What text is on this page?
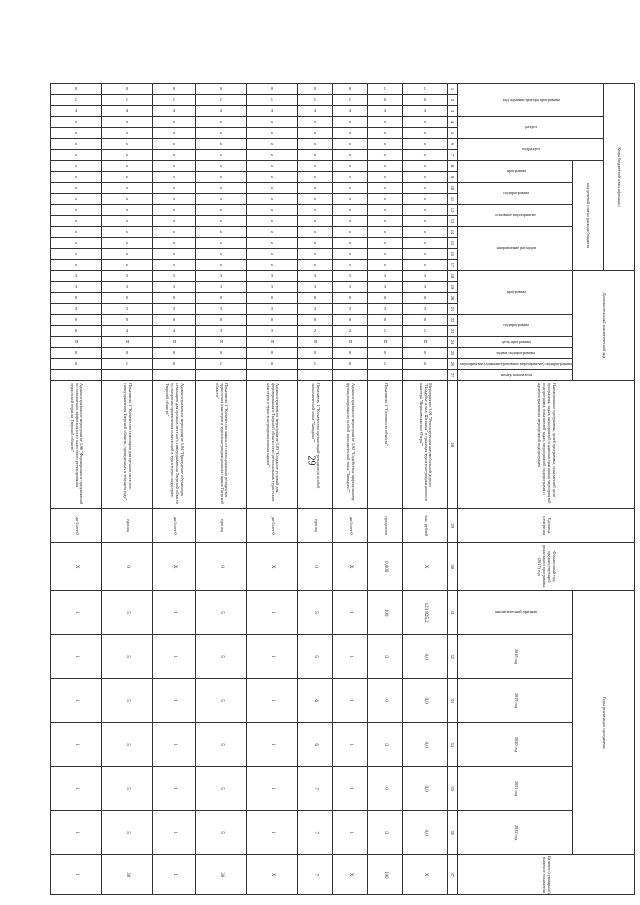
29
Коды бюджетной классификации																	Дополнительный аналитический код										Наименование программы, целей программы, показателей цели программы, задач, мероприятий и административных мероприятий подпрограмм, показателей задач, мероприятий подпрограмм и административных мероприятий подпрограмм	Единица измерения	Финансовый год, предшествующий реализации программы, (2017) год	Годы реализации программы						Целевое (суммарное) значение показателя	
код администратора программы			раздел		подраздел		код целевой статьи расхода бюджета																														
							программа		подпрограмма		основное мероприятие		направление расходов				программа				подпрограмма		цель программы	задача подпрограммы	мероприятие (административное мероприятие) подпрограммы	номер показателя				аналитический признак	2018 год	2019 год	2020 год	2021 год	2022 год	
1	2	3	4	5	6	7	8	9	10	11	12	13	14	15	16	17	18	19	20	21	22	23	24	25	26	27	28	29	30	31	32	33	34	35	36	37	
1	0	4	х	х	х	х	х	х	х	х	х	х	х	х	х	х	3	3	0	3	0	1	П	0	0		Мероприятие 3.01 "Реконструкция автомобильной дороги "Поддубье и вкл. Шешина" в границах туристско-рекреационного кластера "Верхневолжские Озера""	тыс. рублей	Х	123 825,2	0,0	0,0	0,0	0,0	0,0	Х	
1	0	4	х	х	х	х	х	х	х	х	х	х	х	х	х	х	3	3	0	3	0	1	П	0	1		Показатель 1 "Готовность объекта"	процентов	0,000	100	0	0	0	0	0	100	
0	1	4	х	х	х	х	х	х	х	х	х	х	х	х	х	х	3	3	0	3	0	2	Я	0	0		Административное мероприятие 3.02 "Содействие эффективному функционированию особой экономической зоны "Завидово""	да-1/нет-0	Х	1	1	1	1	1	1	Х	
0	1	4	х	х	х	х	х	х	х	х	х	х	х	х	х	х	3	3	0	3	0	2	Я	0	1		Показатель 1 "Количество организаций-резидентов особой экономической зоны "Завидово""	единиц	0	5	5	6	6	7	7	7	
0	1	4	х	х	х	х	х	х	х	х	х	х	х	х	х	х	3	3	0	3	0	3	Я	0	0		Административное мероприятие 3.03 "Создание условий для формирования в Тверской области сети региональных туристских кластеров и туристско-рекреационных парков"	да-1/нет-0	Х	1	1	1	1	1	1	Х	
0	1	4	х	х	х	х	х	х	х	х	х	х	х	х	х	х	3	3	0	3	0	3	Я	0	1		Показатель 1 "Количество заявок от потенциальных резидентов туристских кластеров и туристско-рекреационных парков Тверской области"	единиц	0	5	5	5	5	5	5	30	
0	1	4	х	х	х	х	х	х	х	х	х	х	х	х	х	х	3	3	0	3	0	4	Я	0	0		Административное мероприятие 3.04 "Проведение обучающих семинаров для органов местного самоуправления Тверской области по вопросам привлечения инвестиций в туристскую индустрию Тверской области"	да-1/нет-0	Х	1	1	1	1	1	1	1	
0	1	4	х	х	х	х	х	х	х	х	х	х	х	х	х	х	3	3	0	3	0	4	Я	0	1		Показатель 1 "Количество семинаров для органов местного самоуправления Тверской области, проведенных в текущем году"	единиц	0	5	5	5	5	5	5	30	
0	1	4	х	х	х	х	х	х	х	х	х	х	х	х	х	х	3	3	0	3	0	6	Я	0	0		Административное мероприятие 3.06 "Формирование предложений по повышению эффективности налогового регулирования туристской отрасли Тверской области"	да-1/нет-0	Х	1	1	1	1	1	1	1	
